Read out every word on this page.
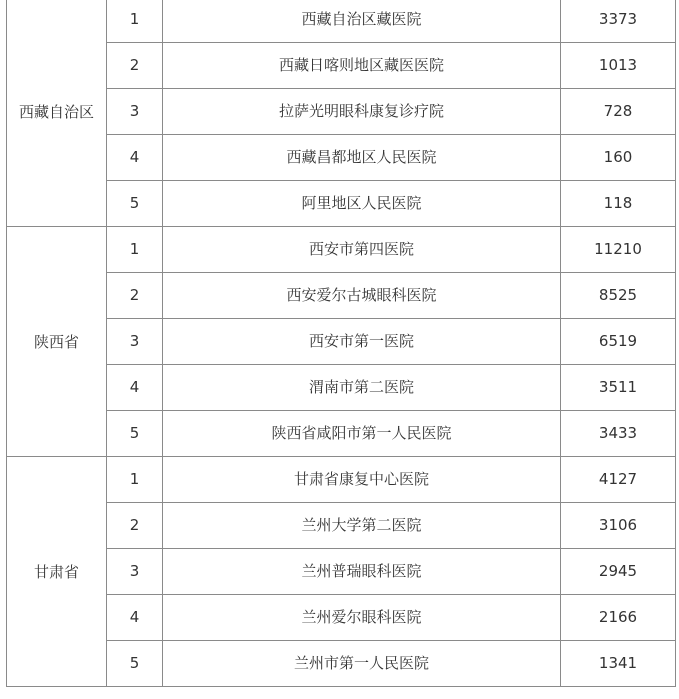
西藏自治区	1	西藏自治区藏医院	3373
	2	西藏日喀则地区藏医医院	1013
	3	拉萨光明眼科康复诊疗院	728
	4	西藏昌都地区人民医院	160
	5	阿里地区人民医院	118
陕西省	1	西安市第四医院	11210
	2	西安爱尔古城眼科医院	8525
	3	西安市第一医院	6519
	4	渭南市第二医院	3511
	5	陕西省咸阳市第一人民医院	3433
甘肃省	1	甘肃省康复中心医院	4127
	2	兰州大学第二医院	3106
	3	兰州普瑞眼科医院	2945
	4	兰州爱尔眼科医院	2166
	5	兰州市第一人民医院	1341
